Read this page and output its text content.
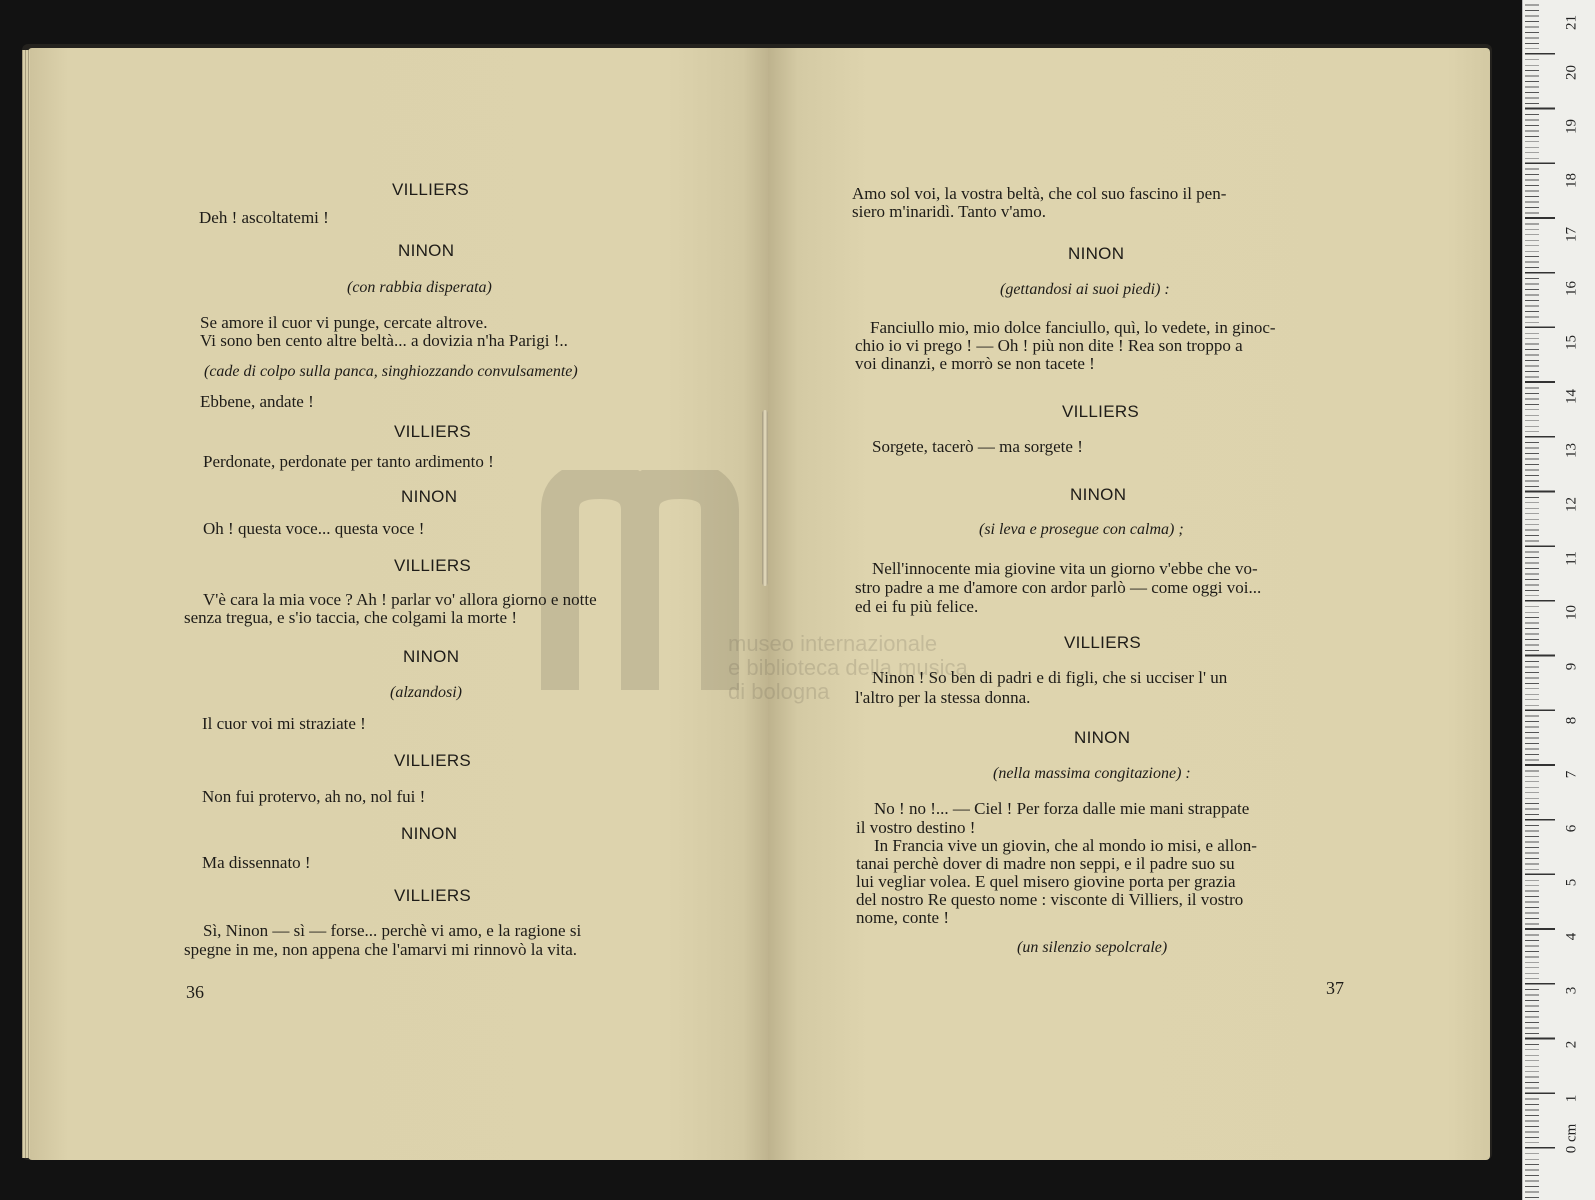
museo internazionale
e biblioteca della musica
di bologna
VILLIERS
Deh ! ascoltatemi !
NINON
(con rabbia disperata)
Se amore il cuor vi punge, cercate altrove.
Vi sono ben cento altre beltà... a dovizia n'ha Parigi !..
(cade di colpo sulla panca, singhiozzando convulsamente)
Ebbene, andate !
VILLIERS
Perdonate, perdonate per tanto ardimento !
NINON
Oh ! questa voce... questa voce !
VILLIERS
V'è cara la mia voce ? Ah ! parlar vo' allora giorno e notte
senza tregua, e s'io taccia, che colgami la morte !
NINON
(alzandosi)
Il cuor voi mi straziate !
VILLIERS
Non fui protervo, ah no, nol fui !
NINON
Ma dissennato !
VILLIERS
Sì, Ninon — sì — forse... perchè vi amo, e la ragione si
spegne in me, non appena che l'amarvi mi rinnovò la vita.
36
Amo sol voi, la vostra beltà, che col suo fascino il pen-
siero m'inaridì. Tanto v'amo.
NINON
(gettandosi ai suoi piedi) :
Fanciullo mio, mio dolce fanciullo, quì, lo vedete, in ginoc-
chio io vi prego ! — Oh ! più non dite ! Rea son troppo a
voi dinanzi, e morrò se non tacete !
VILLIERS
Sorgete, tacerò — ma sorgete !
NINON
(si leva e prosegue con calma) ;
Nell'innocente mia giovine vita un giorno v'ebbe che vo-
stro padre a me d'amore con ardor parlò — come oggi voi...
ed ei fu più felice.
VILLIERS
Ninon ! So ben di padri e di figli, che si ucciser l' un
l'altro per la stessa donna.
NINON
(nella massima congitazione) :
No ! no !... — Ciel ! Per forza dalle mie mani strappate
il vostro destino !
In Francia vive un giovin, che al mondo io misi, e allon-
tanai perchè dover di madre non seppi, e il padre suo su
lui vegliar volea. E quel misero giovine porta per grazia
del nostro Re questo nome : visconte di Villiers, il vostro
nome, conte !
(un silenzio sepolcrale)
37
0 cm
1
2
3
4
5
6
7
8
9
10
11
12
13
14
15
16
17
18
19
20
21
